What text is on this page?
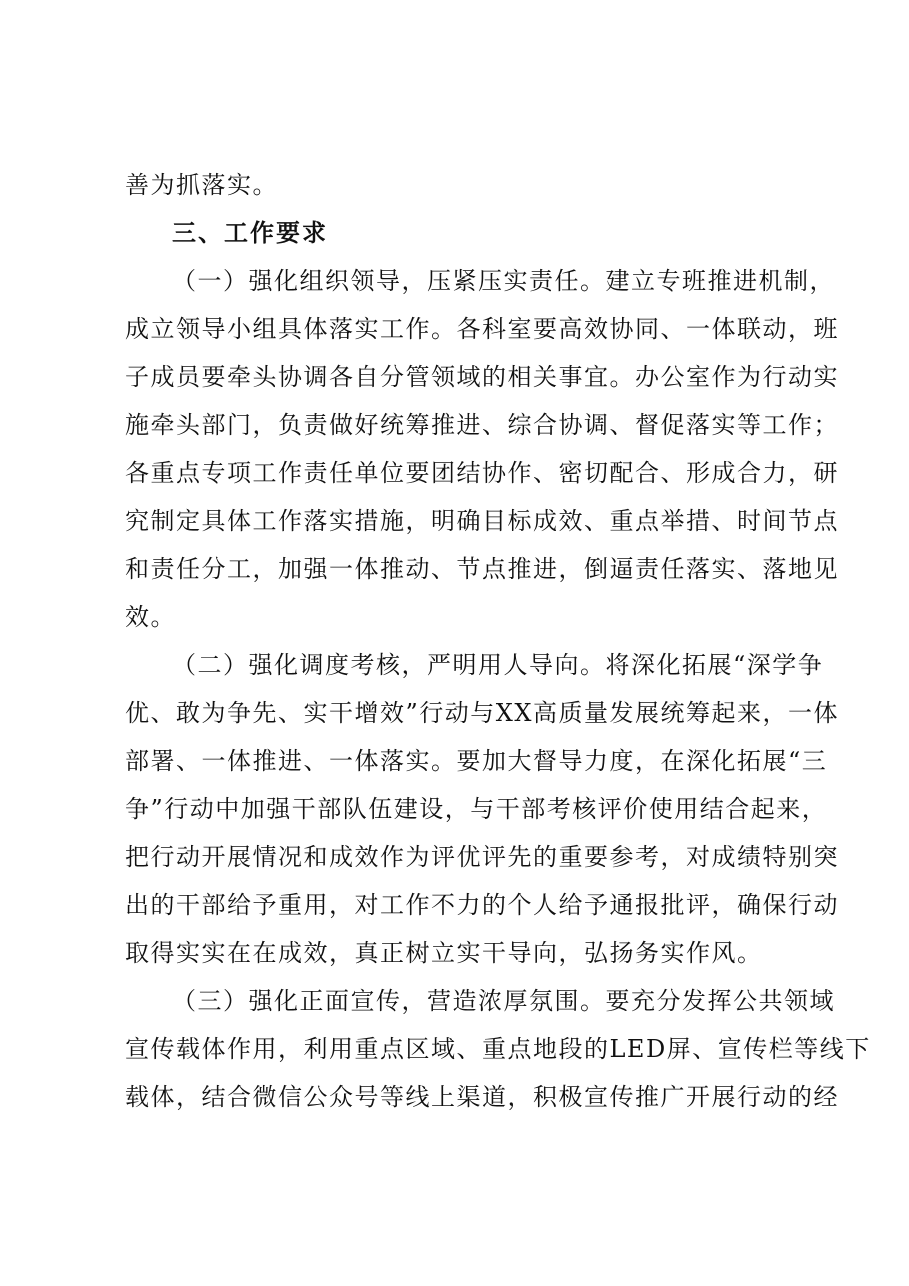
善为抓落实。
三、工作要求
（一）强化组织领导，压紧压实责任。建立专班推进机制，
成立领导小组具体落实工作。各科室要高效协同、一体联动，班
子成员要牵头协调各自分管领域的相关事宜。办公室作为行动实
施牵头部门，负责做好统筹推进、综合协调、督促落实等工作；
各重点专项工作责任单位要团结协作、密切配合、形成合力，研
究制定具体工作落实措施，明确目标成效、重点举措、时间节点
和责任分工，加强一体推动、节点推进，倒逼责任落实、落地见
效。
（二）强化调度考核，严明用人导向。将深化拓展“深学争
优、敢为争先、实干增效”行动与XX高质量发展统筹起来，一体
部署、一体推进、一体落实。要加大督导力度，在深化拓展“三
争”行动中加强干部队伍建设，与干部考核评价使用结合起来，
把行动开展情况和成效作为评优评先的重要参考，对成绩特别突
出的干部给予重用，对工作不力的个人给予通报批评，确保行动
取得实实在在成效，真正树立实干导向，弘扬务实作风。
（三）强化正面宣传，营造浓厚氛围。要充分发挥公共领域
宣传载体作用，利用重点区域、重点地段的LED屏、宣传栏等线下
载体，结合微信公众号等线上渠道，积极宣传推广开展行动的经
